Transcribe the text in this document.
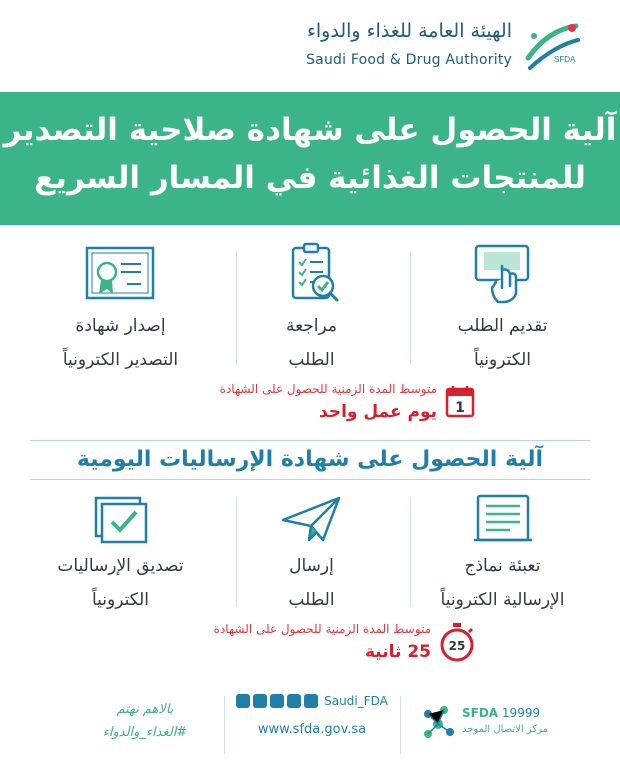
الهيئة العامة للغذاء والدواء
Saudi Food & Drug Authority	SFDA
آلية الحصول على شهادة صلاحية التصدير
للمنتجات الغذائية في المسار السريع
تقديم الطلب
الكترونياً
مراجعة
الطلب
إصدار شهادة
التصدير الكترونياً
1
متوسط المدة الزمنية للحصول على الشهادة
يوم عمل واحد
آلية الحصول على شهادة الإرساليات اليومية
تعبئة نماذج
الإرسالية الكترونياً
إرسال
الطلب
تصديق الإرساليات
الكترونياً
25
متوسط المدة الزمنية للحصول على الشهادة
25 ثانية
بالاهم نهتم
#الغذاء_والدواء
Saudi_FDA
www.sfda.gov.sa
SFDA 19999
مركز الاتصال الموحد
